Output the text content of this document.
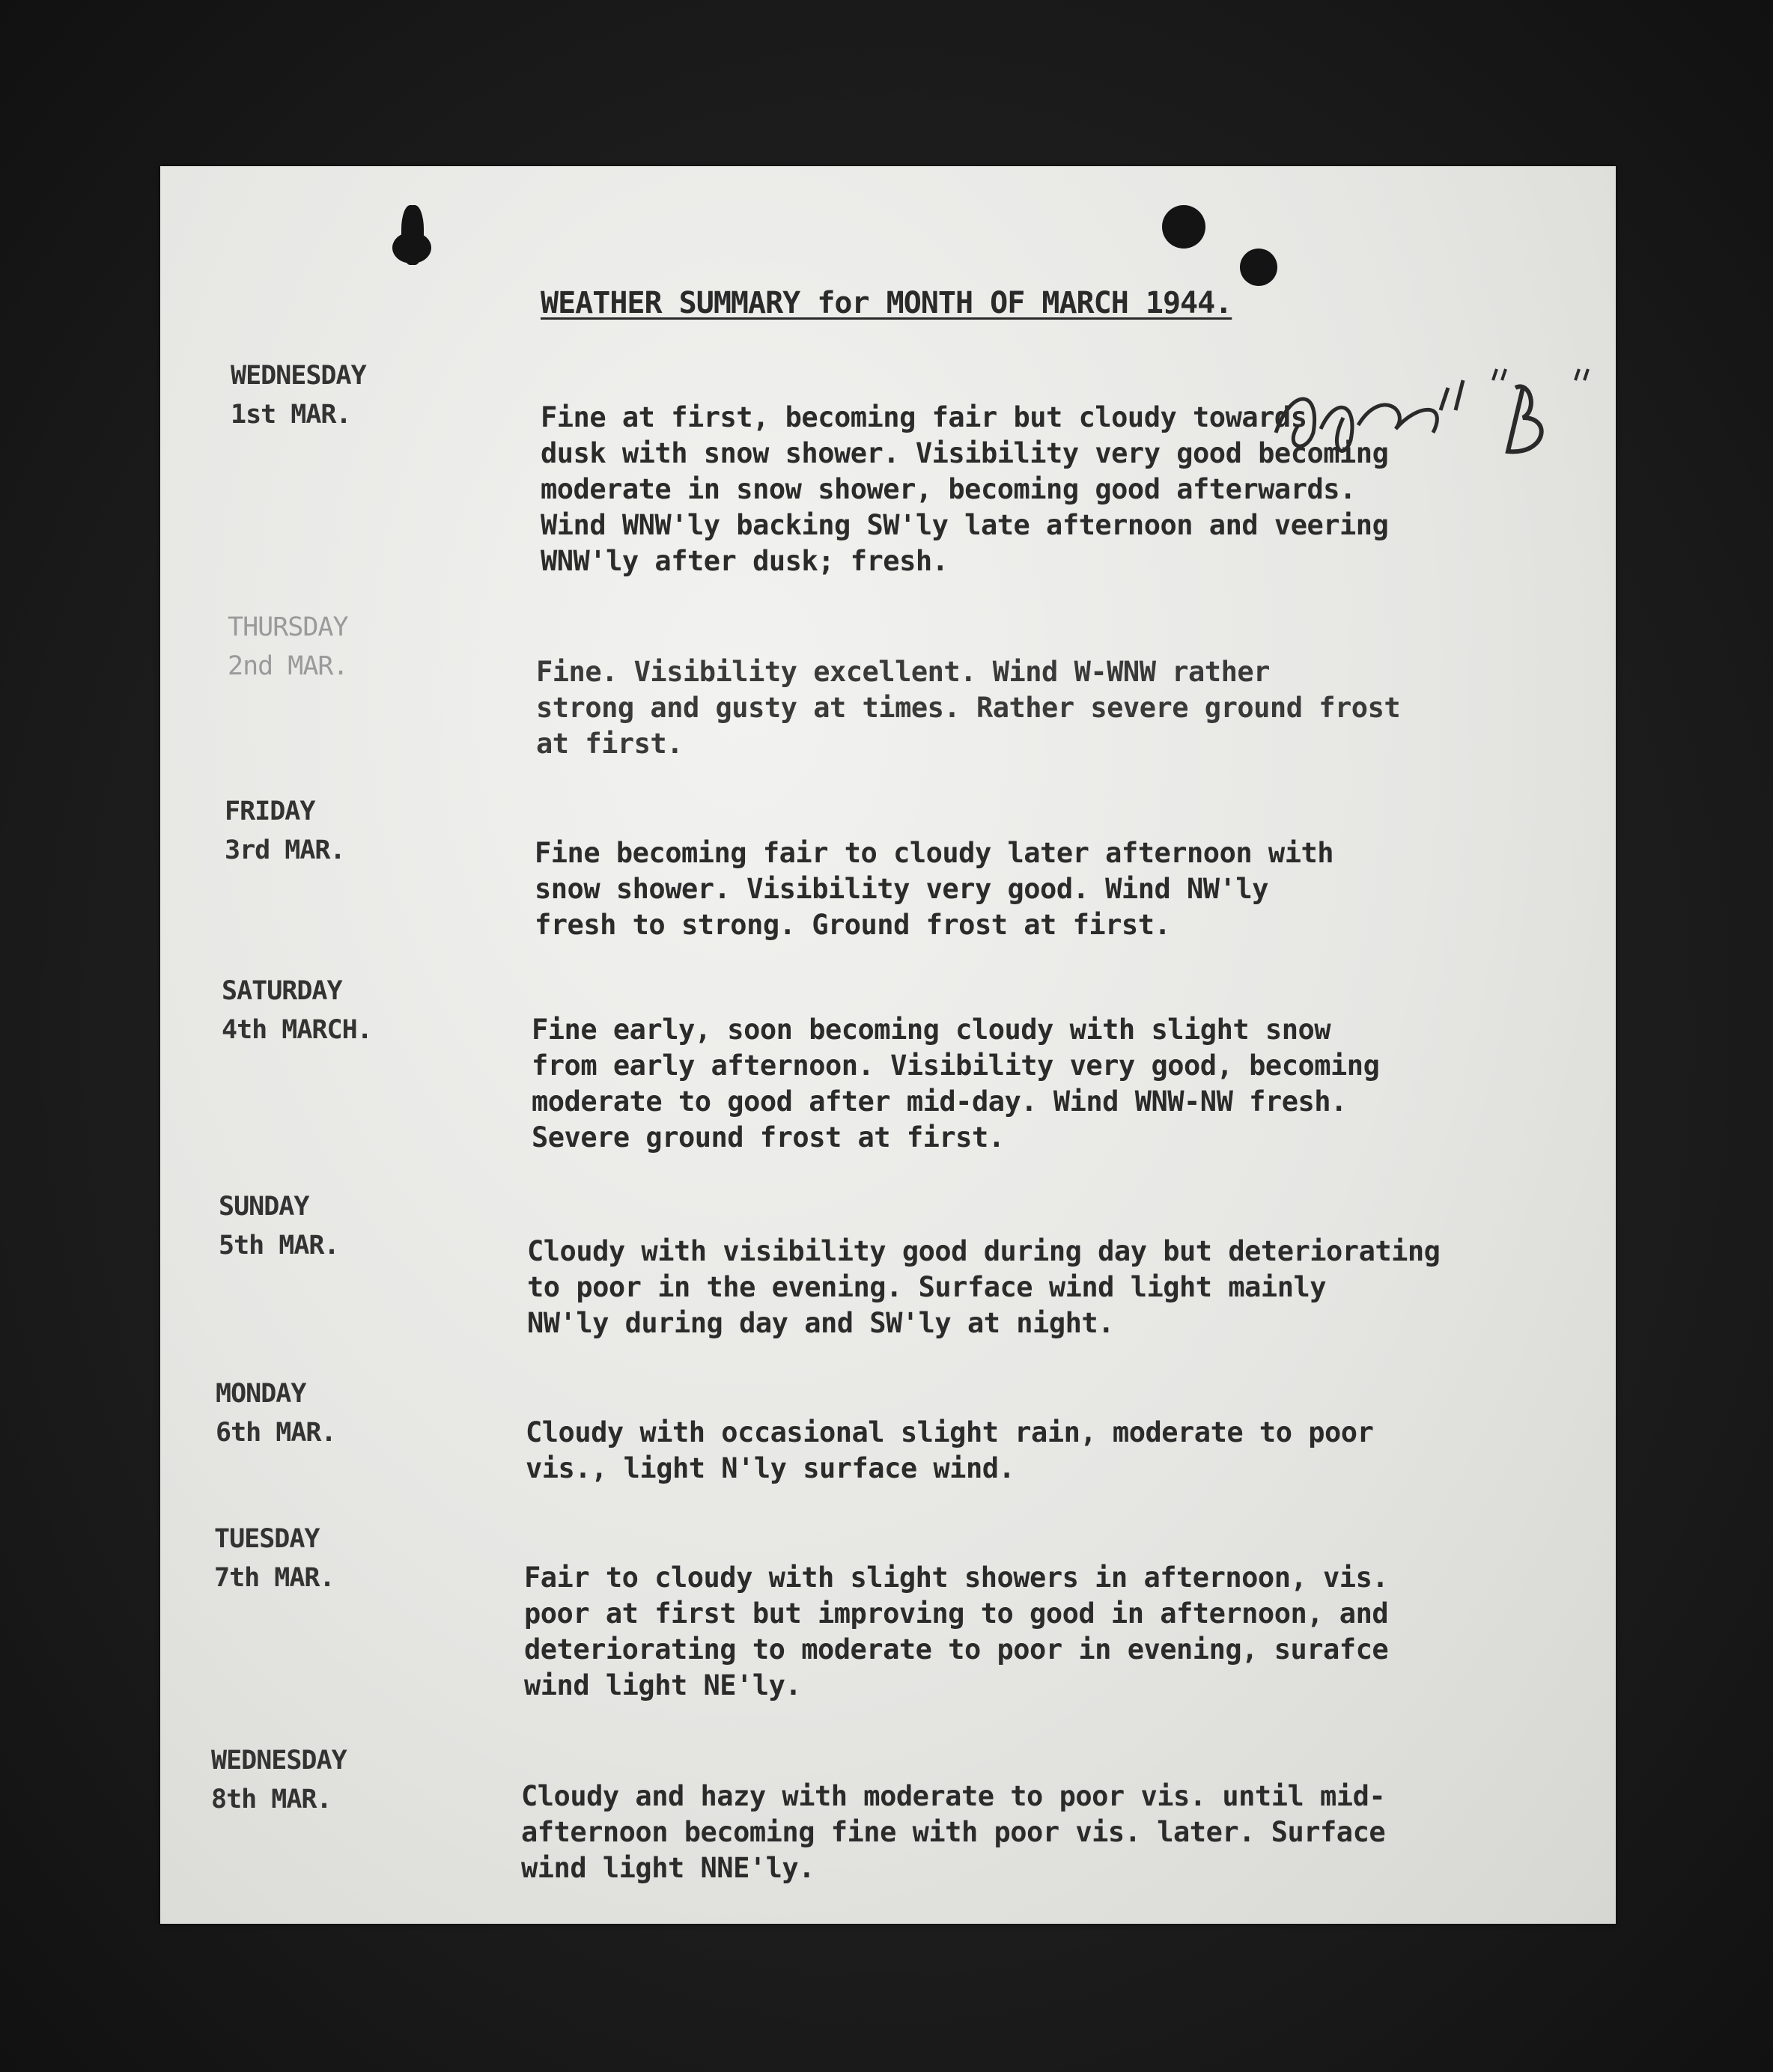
WEATHER SUMMARY for MONTH OF MARCH 1944.
WEDNESDAY
1st MAR.	Fine at first, becoming fair but cloudy towards
dusk with snow shower. Visibility very good becoming
moderate in snow shower, becoming good afterwards.
Wind WNW'ly backing SW'ly late afternoon and veering
WNW'ly after dusk; fresh.
THURSDAY
2nd MAR.	Fine. Visibility excellent. Wind W-WNW rather
strong and gusty at times. Rather severe ground frost
at first.
FRIDAY
3rd MAR.	Fine becoming fair to cloudy later afternoon with
snow shower. Visibility very good. Wind NW'ly
fresh to strong. Ground frost at first.
SATURDAY
4th MARCH.	Fine early, soon becoming cloudy with slight snow
from early afternoon. Visibility very good, becoming
moderate to good after mid-day. Wind WNW-NW fresh.
Severe ground frost at first.
SUNDAY
5th MAR.	Cloudy with visibility good during day but deteriorating
to poor in the evening. Surface wind light mainly
NW'ly during day and SW'ly at night.
MONDAY
6th MAR.	Cloudy with occasional slight rain, moderate to poor
vis., light N'ly surface wind.
TUESDAY
7th MAR.	Fair to cloudy with slight showers in afternoon, vis.
poor at first but improving to good in afternoon, and
deteriorating to moderate to poor in evening, surafce
wind light NE'ly.
WEDNESDAY
8th MAR.	Cloudy and hazy with moderate to poor vis. until mid-
afternoon becoming fine with poor vis. later. Surface
wind light NNE'ly.
